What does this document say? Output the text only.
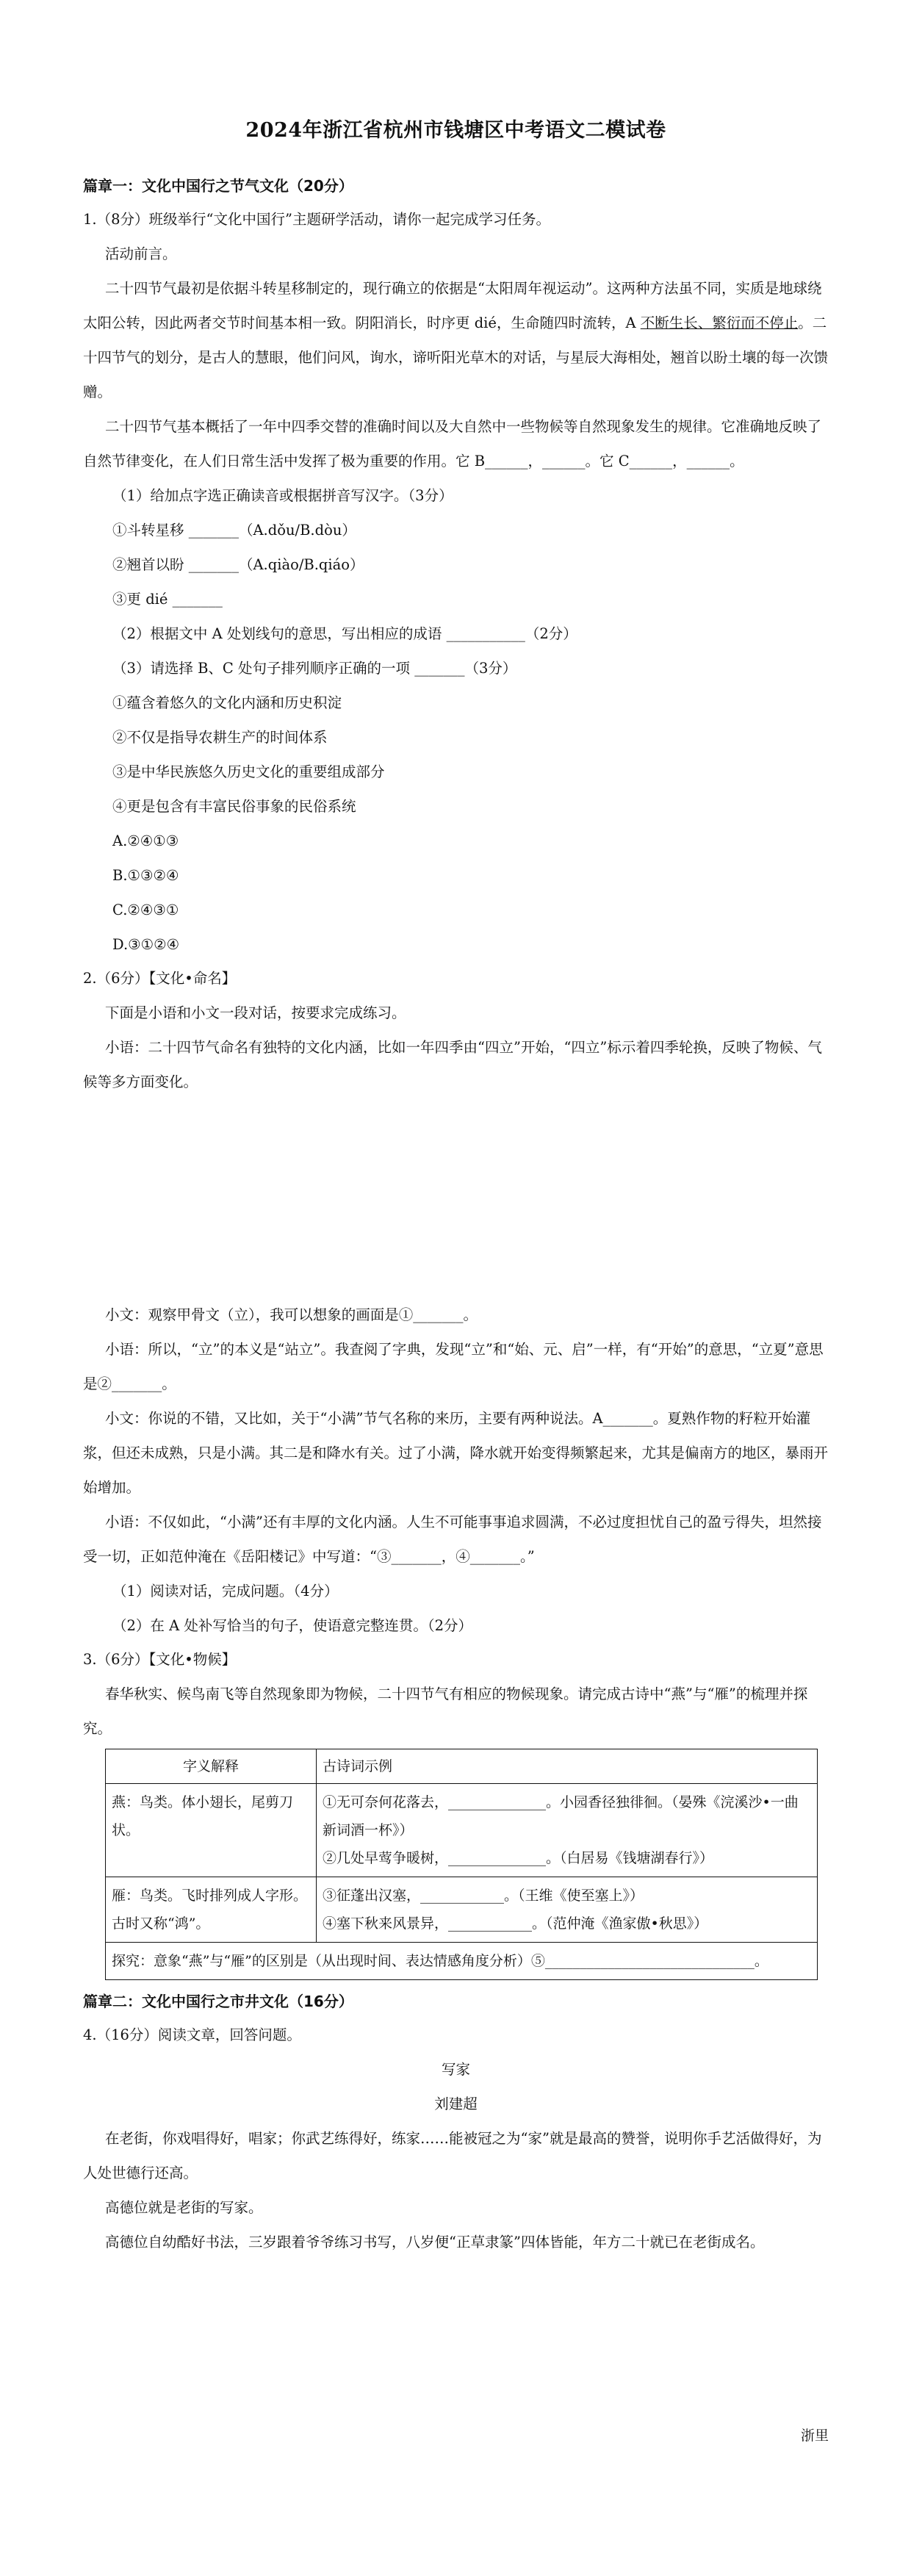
2024年浙江省杭州市钱塘区中考语文二模试卷

篇章一：文化中国行之节气文化（20分）

1.（8分）班级举行“文化中国行”主题研学活动，请你一起完成学习任务。

活动前言。

二十四节气最初是依据斗转星移制定的，现行确立的依据是“太阳周年视运动”。这两种方法虽不同，实质是地球绕太阳公转，因此两者交节时间基本相一致。阴阳消长，时序更 dié，生命随四时流转，A 不断生长、繁衍而不停止。二十四节气的划分，是古人的慧眼，他们问风，询水，谛听阳光草木的对话，与星辰大海相处，翘首以盼土壤的每一次馈赠。

二十四节气基本概括了一年中四季交替的准确时间以及大自然中一些物候等自然现象发生的规律。它准确地反映了自然节律变化，在人们日常生活中发挥了极为重要的作用。它 B______，______。它 C______，______。

（1）给加点字选正确读音或根据拼音写汉字。（3分）

①斗转星移 _______（A.dǒu/B.dòu）

②翘首以盼 _______（A.qiào/B.qiáo）

③更 dié _______

（2）根据文中 A 处划线句的意思，写出相应的成语 ___________（2分）

（3）请选择 B、C 处句子排列顺序正确的一项 _______（3分）

①蕴含着悠久的文化内涵和历史积淀

②不仅是指导农耕生产的时间体系

③是中华民族悠久历史文化的重要组成部分

④更是包含有丰富民俗事象的民俗系统

A.②④①③

B.①③②④

C.②④③①

D.③①②④

2.（6分）【文化•命名】

下面是小语和小文一段对话，按要求完成练习。

小语：二十四节气命名有独特的文化内涵，比如一年四季由“四立”开始，“四立”标示着四季轮换，反映了物候、气候等多方面变化。

小文：观察甲骨文（立），我可以想象的画面是①_______。

小语：所以，“立”的本义是“站立”。我查阅了字典，发现“立”和“始、元、启”一样，有“开始”的意思，“立夏”意思是②_______。

小文：你说的不错，又比如，关于“小满”节气名称的来历，主要有两种说法。A_______。夏熟作物的籽粒开始灌浆，但还未成熟，只是小满。其二是和降水有关。过了小满，降水就开始变得频繁起来，尤其是偏南方的地区，暴雨开始增加。

小语：不仅如此，“小满”还有丰厚的文化内涵。人生不可能事事追求圆满，不必过度担忧自己的盈亏得失，坦然接受一切，正如范仲淹在《岳阳楼记》中写道：“③_______，④_______。”

（1）阅读对话，完成问题。（4分）

（2）在 A 处补写恰当的句子，使语意完整连贯。（2分）

3.（6分）【文化•物候】

春华秋实、候鸟南飞等自然现象即为物候，二十四节气有相应的物候现象。请完成古诗中“燕”与“雁”的梳理并探究。

字义解释	古诗词示例
燕：鸟类。体小翅长，尾剪刀状。	①无可奈何花落去，______________。小园香径独徘徊。（晏殊《浣溪沙•一曲新词酒一杯》）
②几处早莺争暖树，______________。（白居易《钱塘湖春行》）

雁：鸟类。飞时排列成人字形。古时又称“鸿”。	③征蓬出汉塞，____________。（王维《使至塞上》）
④塞下秋来风景异，____________。（范仲淹《渔家傲•秋思》）

探究：意象“燕”与“雁”的区别是（从出现时间、表达情感角度分析）⑤______________________________。	

篇章二：文化中国行之市井文化（16分）

4.（16分）阅读文章，回答问题。

写家

刘建超

在老街，你戏唱得好，唱家；你武艺练得好，练家……能被冠之为“家”就是最高的赞誉，说明你手艺活做得好，为人处世德行还高。

高德位就是老街的写家。

高德位自幼酷好书法，三岁跟着爷爷练习书写，八岁便“正草隶篆”四体皆能，年方二十就已在老街成名。

浙里
